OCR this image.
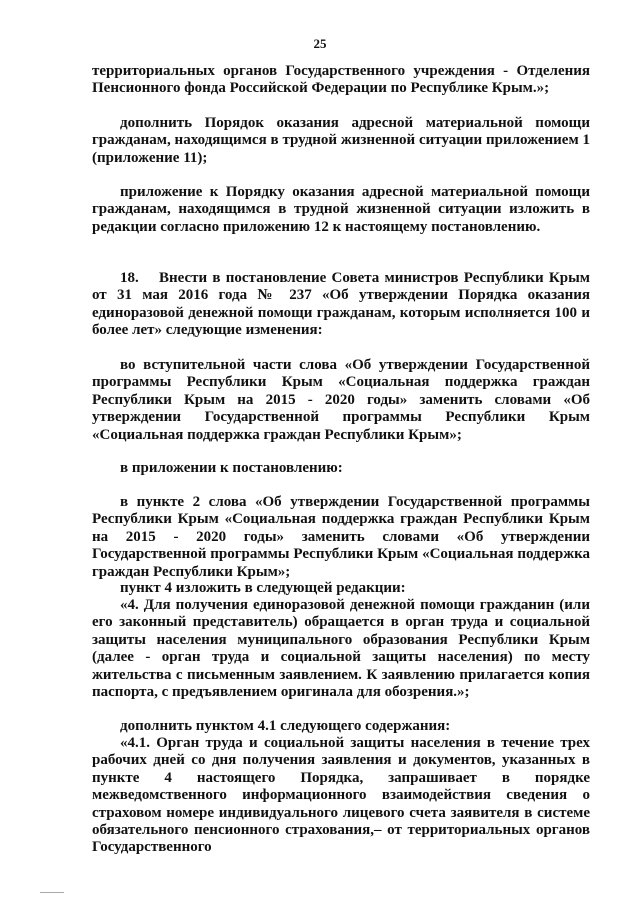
25

территориальных органов Государственного учреждения - Отделения Пенсионного фонда Российской Федерации по Республике Крым.»;

дополнить Порядок оказания адресной материальной помощи гражданам, находящимся в трудной жизненной ситуации приложением 1 (приложение 11);

приложение к Порядку оказания адресной материальной помощи гражданам, находящимся в трудной жизненной ситуации изложить в редакции согласно приложению 12 к настоящему постановлению.

18.  Внести в постановление Совета министров Республики Крым от 31 мая 2016 года № 237 «Об утверждении Порядка оказания единоразовой денежной помощи гражданам, которым исполняется 100 и более лет» следующие изменения:

во вступительной части слова «Об утверждении Государственной программы Республики Крым «Социальная поддержка граждан Республики Крым на 2015 - 2020 годы» заменить словами «Об утверждении Государственной программы Республики Крым «Социальная поддержка граждан Республики Крым»;

в приложении к постановлению:

в пункте 2 слова «Об утверждении Государственной программы Республики Крым «Социальная поддержка граждан Республики Крым на 2015 - 2020 годы» заменить словами «Об утверждении Государственной программы Республики Крым «Социальная поддержка граждан Республики Крым»;

пункт 4 изложить в следующей редакции:

«4. Для получения единоразовой денежной помощи гражданин (или его законный представитель) обращается в орган труда и социальной защиты населения муниципального образования Республики Крым (далее - орган труда и социальной защиты населения) по месту жительства с письменным заявлением. К заявлению прилагается копия паспорта, с предъявлением оригинала для обозрения.»;

дополнить пунктом 4.1 следующего содержания:

«4.1. Орган труда и социальной защиты населения в течение трех рабочих дней со дня получения заявления и документов, указанных в пункте 4 настоящего Порядка, запрашивает в порядке межведомственного информационного взаимодействия сведения о страховом номере индивидуального лицевого счета заявителя в системе обязательного пенсионного страхования,– от территориальных органов Государственного
